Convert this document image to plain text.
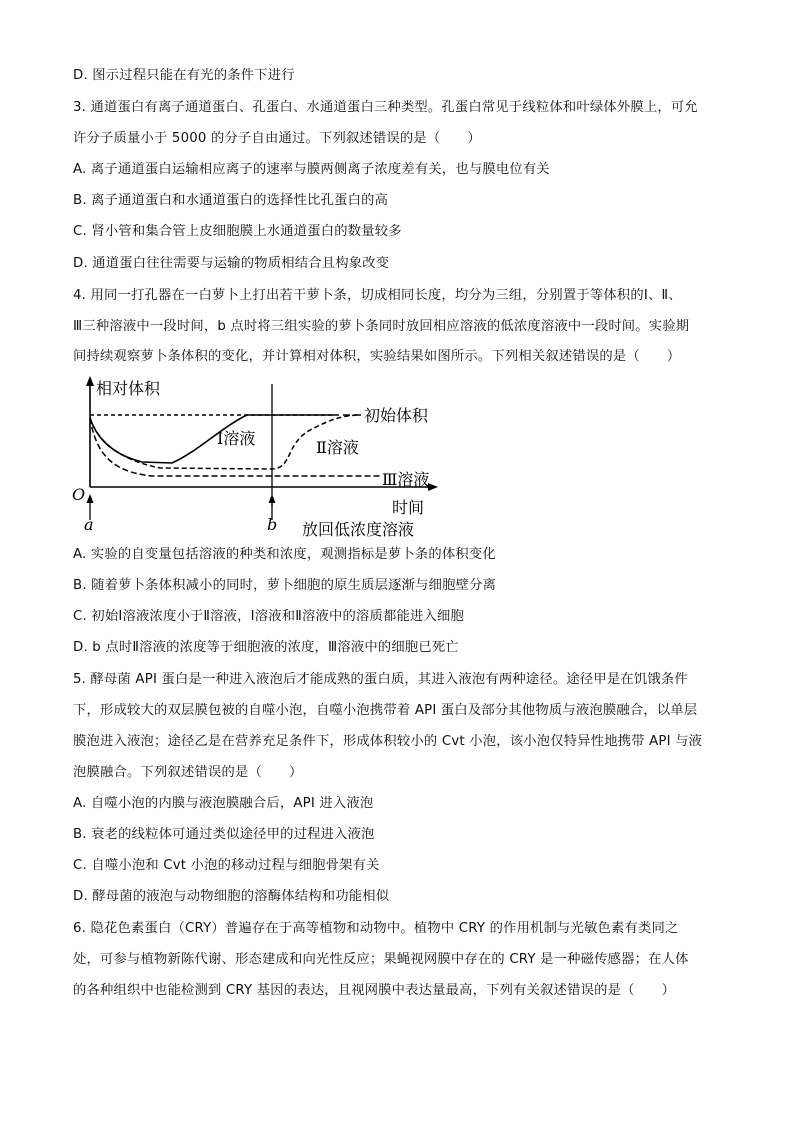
D. 图示过程只能在有光的条件下进行
3. 通道蛋白有离子通道蛋白、孔蛋白、水通道蛋白三种类型。孔蛋白常见于线粒体和叶绿体外膜上，可允
许分子质量小于 5000 的分子自由通过。下列叙述错误的是（　　）
A. 离子通道蛋白运输相应离子的速率与膜两侧离子浓度差有关，也与膜电位有关
B. 离子通道蛋白和水通道蛋白的选择性比孔蛋白的高
C. 肾小管和集合管上皮细胞膜上水通道蛋白的数量较多
D. 通道蛋白往往需要与运输的物质相结合且构象改变
4. 用同一打孔器在一白萝卜上打出若干萝卜条，切成相同长度，均分为三组，分别置于等体积的Ⅰ、Ⅱ、
Ⅲ三种溶液中一段时间，b 点时将三组实验的萝卜条同时放回相应溶液的低浓度溶液中一段时间。实验期
间持续观察萝卜条体积的变化，并计算相对体积，实验结果如图所示。下列相关叙述错误的是（　　）
相对体积
初始体积
Ⅰ溶液	Ⅱ溶液
Ⅲ溶液
O
时间
a	b 放回低浓度溶液
A. 实验的自变量包括溶液的种类和浓度，观测指标是萝卜条的体积变化
B. 随着萝卜条体积减小的同时，萝卜细胞的原生质层逐渐与细胞壁分离
C. 初始Ⅰ溶液浓度小于Ⅱ溶液，Ⅰ溶液和Ⅱ溶液中的溶质都能进入细胞
D. b 点时Ⅱ溶液的浓度等于细胞液的浓度，Ⅲ溶液中的细胞已死亡
5. 酵母菌 API 蛋白是一种进入液泡后才能成熟的蛋白质，其进入液泡有两种途径。途径甲是在饥饿条件
下，形成较大的双层膜包被的自噬小泡，自噬小泡携带着 API 蛋白及部分其他物质与液泡膜融合，以单层
膜泡进入液泡；途径乙是在营养充足条件下，形成体积较小的 Cvt 小泡，该小泡仅特异性地携带 API 与液
泡膜融合。下列叙述错误的是（　　）
A. 自噬小泡的内膜与液泡膜融合后，API 进入液泡
B. 衰老的线粒体可通过类似途径甲的过程进入液泡
C. 自噬小泡和 Cvt 小泡的移动过程与细胞骨架有关
D. 酵母菌的液泡与动物细胞的溶酶体结构和功能相似
6. 隐花色素蛋白（CRY）普遍存在于高等植物和动物中。植物中 CRY 的作用机制与光敏色素有类同之
处，可参与植物新陈代谢、形态建成和向光性反应；果蝇视网膜中存在的 CRY 是一种磁传感器；在人体
的各种组织中也能检测到 CRY 基因的表达，且视网膜中表达量最高，下列有关叙述错误的是（　　）
